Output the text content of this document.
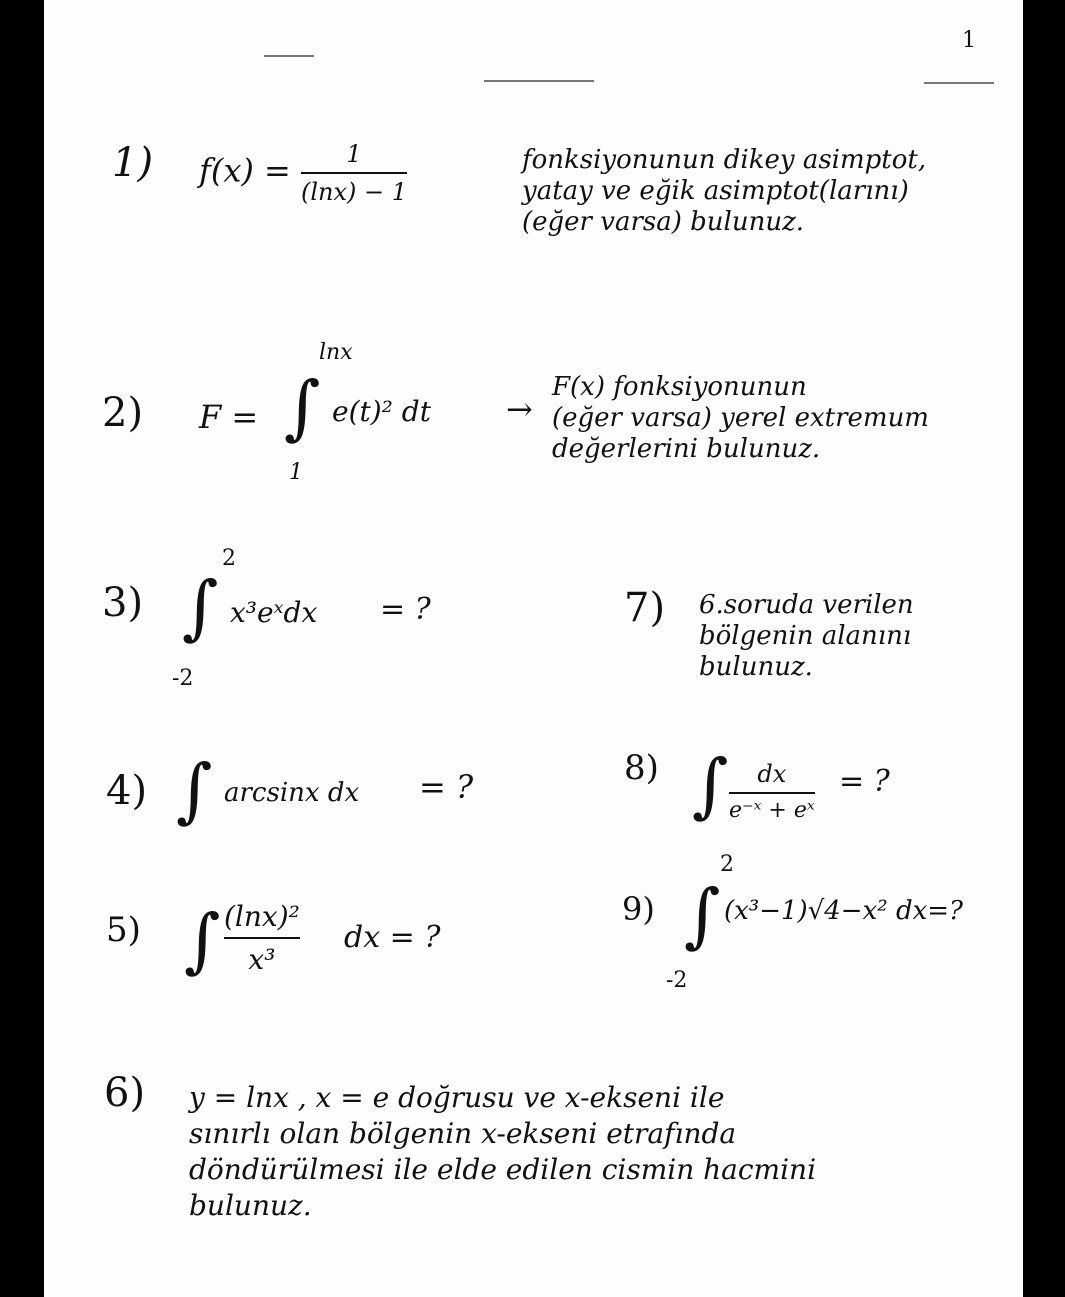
1
1) $f(x) = \frac{1}{(\ln x) - 1}$	fonksiyonunun dikey asimptot,
yatay ve eğik asimptot(larını)
(eğer varsa) bulunuz.
2) F =
lnx
∫
1
e(t)² dt →
F(x) fonksiyonunun
(eğer varsa) yerel extremum
değerlerini bulunuz.
3)
2
∫
-2
x³eˣdx = ?	7) 6.soruda verilen
bölgenin alanını
bulunuz.
4) ∫ arcsinx dx = ?	8) ∫ $\frac{dx}{\text{e⁻ˣ + eˣ}}$ = ?
5) ∫ $\frac{\text{(lnx)²}}{\text{x³}}$ dx = ?
9)
2
∫
-2
(x³−1)√4−x² dx=?
6) y = lnx , x = e doğrusu ve x-ekseni ile
sınırlı olan bölgenin x-ekseni etrafında
döndürülmesi ile elde edilen cismin hacmini
bulunuz.
